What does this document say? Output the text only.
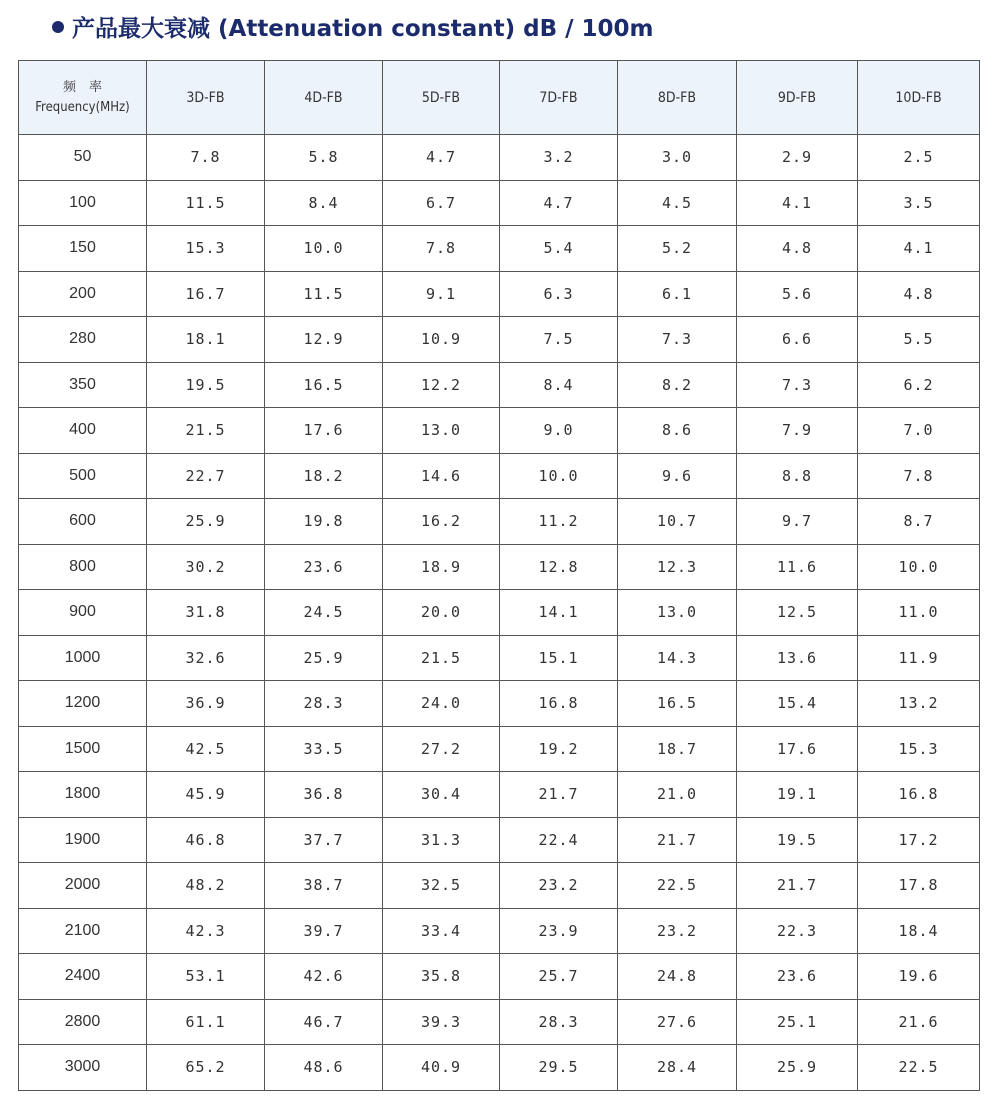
产品最大衰减 (Attenuation constant) dB / 100m
频　率
Frequency(MHz)	3D-FB	4D-FB	5D-FB	7D-FB	8D-FB	9D-FB	10D-FB
50	7.8	5.8	4.7	3.2	3.0	2.9	2.5
100	11.5	8.4	6.7	4.7	4.5	4.1	3.5
150	15.3	10.0	7.8	5.4	5.2	4.8	4.1
200	16.7	11.5	9.1	6.3	6.1	5.6	4.8
280	18.1	12.9	10.9	7.5	7.3	6.6	5.5
350	19.5	16.5	12.2	8.4	8.2	7.3	6.2
400	21.5	17.6	13.0	9.0	8.6	7.9	7.0
500	22.7	18.2	14.6	10.0	9.6	8.8	7.8
600	25.9	19.8	16.2	11.2	10.7	9.7	8.7
800	30.2	23.6	18.9	12.8	12.3	11.6	10.0
900	31.8	24.5	20.0	14.1	13.0	12.5	11.0
1000	32.6	25.9	21.5	15.1	14.3	13.6	11.9
1200	36.9	28.3	24.0	16.8	16.5	15.4	13.2
1500	42.5	33.5	27.2	19.2	18.7	17.6	15.3
1800	45.9	36.8	30.4	21.7	21.0	19.1	16.8
1900	46.8	37.7	31.3	22.4	21.7	19.5	17.2
2000	48.2	38.7	32.5	23.2	22.5	21.7	17.8
2100	42.3	39.7	33.4	23.9	23.2	22.3	18.4
2400	53.1	42.6	35.8	25.7	24.8	23.6	19.6
2800	61.1	46.7	39.3	28.3	27.6	25.1	21.6
3000	65.2	48.6	40.9	29.5	28.4	25.9	22.5
